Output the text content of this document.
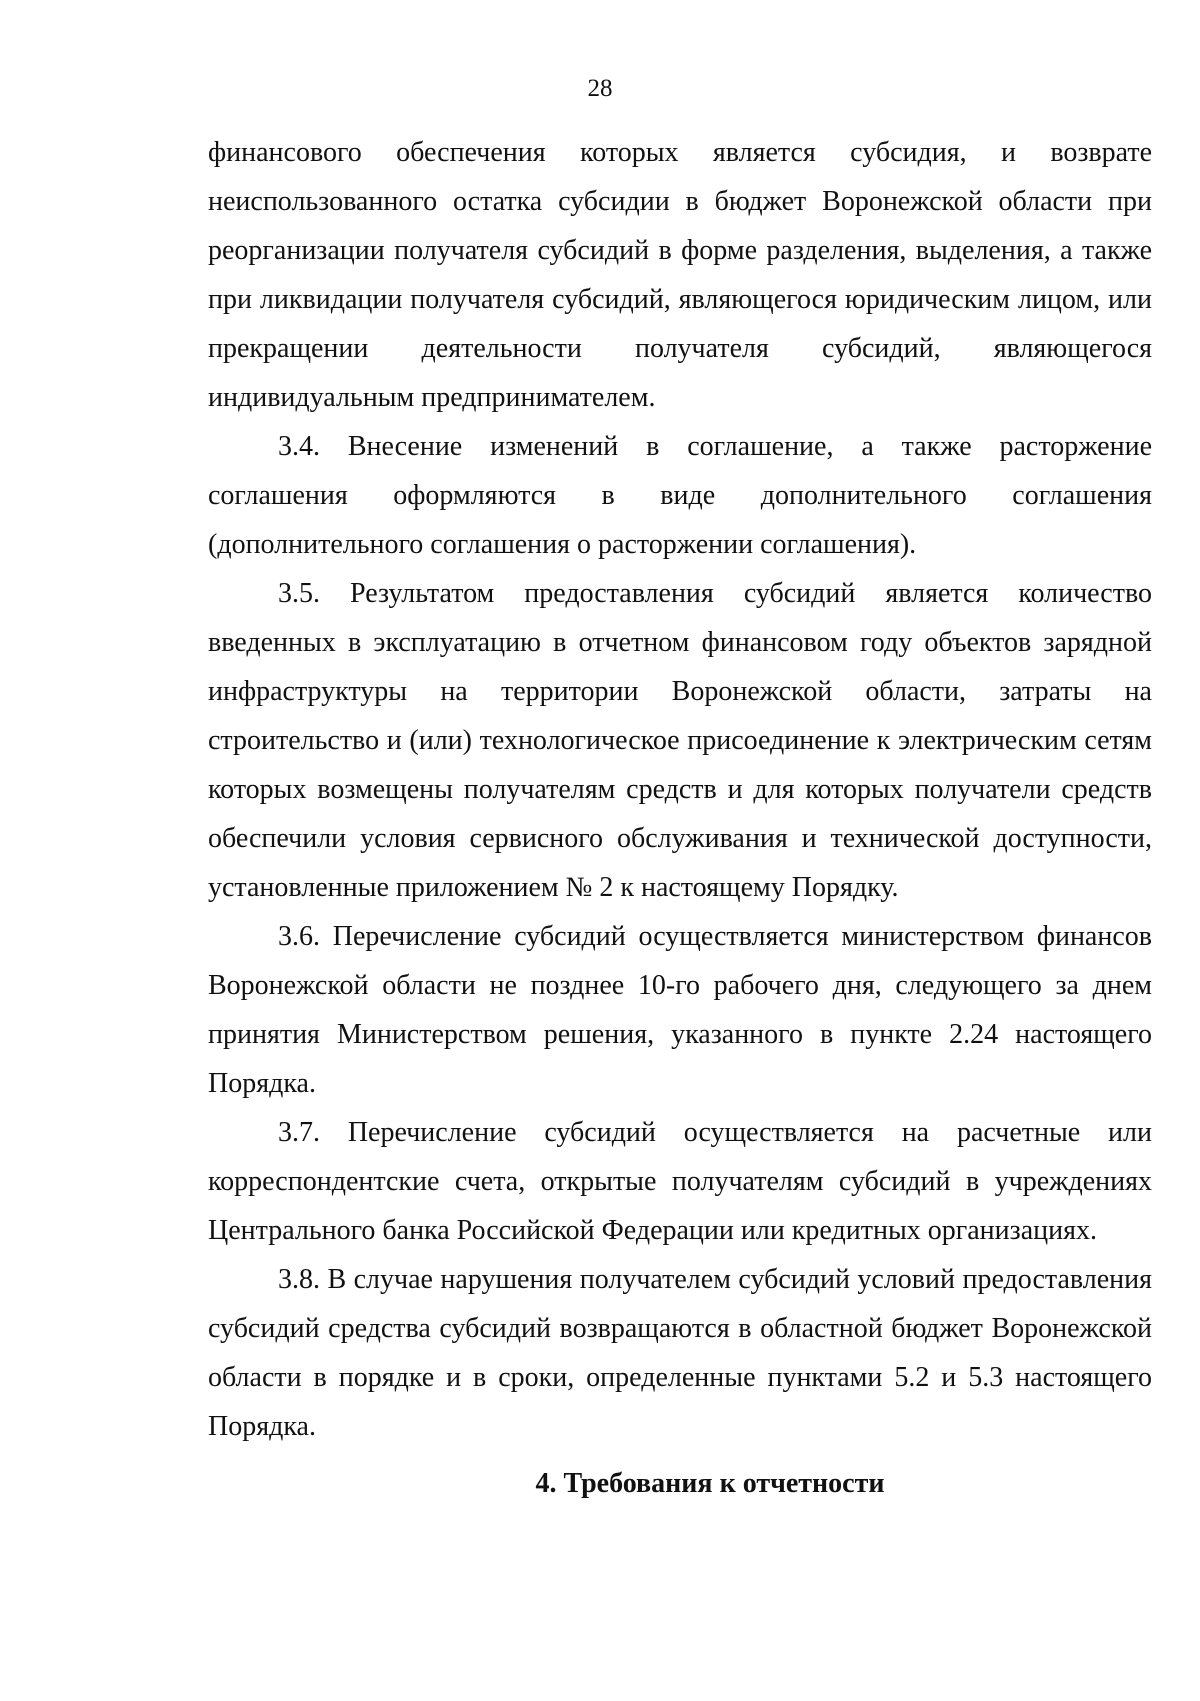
28

финансового обеспечения которых является субсидия, и возврате неиспользованного остатка субсидии в бюджет Воронежской области при реорганизации получателя субсидий в форме разделения, выделения, а также при ликвидации получателя субсидий, являющегося юридическим лицом, или прекращении деятельности получателя субсидий, являющегося индивидуальным предпринимателем.

3.4. Внесение изменений в соглашение, а также расторжение соглашения оформляются в виде дополнительного соглашения (дополнительного соглашения о расторжении соглашения).

3.5. Результатом предоставления субсидий является количество введенных в эксплуатацию в отчетном финансовом году объектов зарядной инфраструктуры на территории Воронежской области, затраты на строительство и (или) технологическое присоединение к электрическим сетям которых возмещены получателям средств и для которых получатели средств обеспечили условия сервисного обслуживания и технической доступности, установленные приложением № 2 к настоящему Порядку.

3.6. Перечисление субсидий осуществляется министерством финансов Воронежской области не позднее 10-го рабочего дня, следующего за днем принятия Министерством решения, указанного в пункте 2.24 настоящего Порядка.

3.7. Перечисление субсидий осуществляется на расчетные или корреспондентские счета, открытые получателям субсидий в учреждениях Центрального банка Российской Федерации или кредитных организациях.

3.8. В случае нарушения получателем субсидий условий предоставления субсидий средства субсидий возвращаются в областной бюджет Воронежской области в порядке и в сроки, определенные пунктами 5.2 и 5.3 настоящего Порядка.

4. Требования к отчетности
